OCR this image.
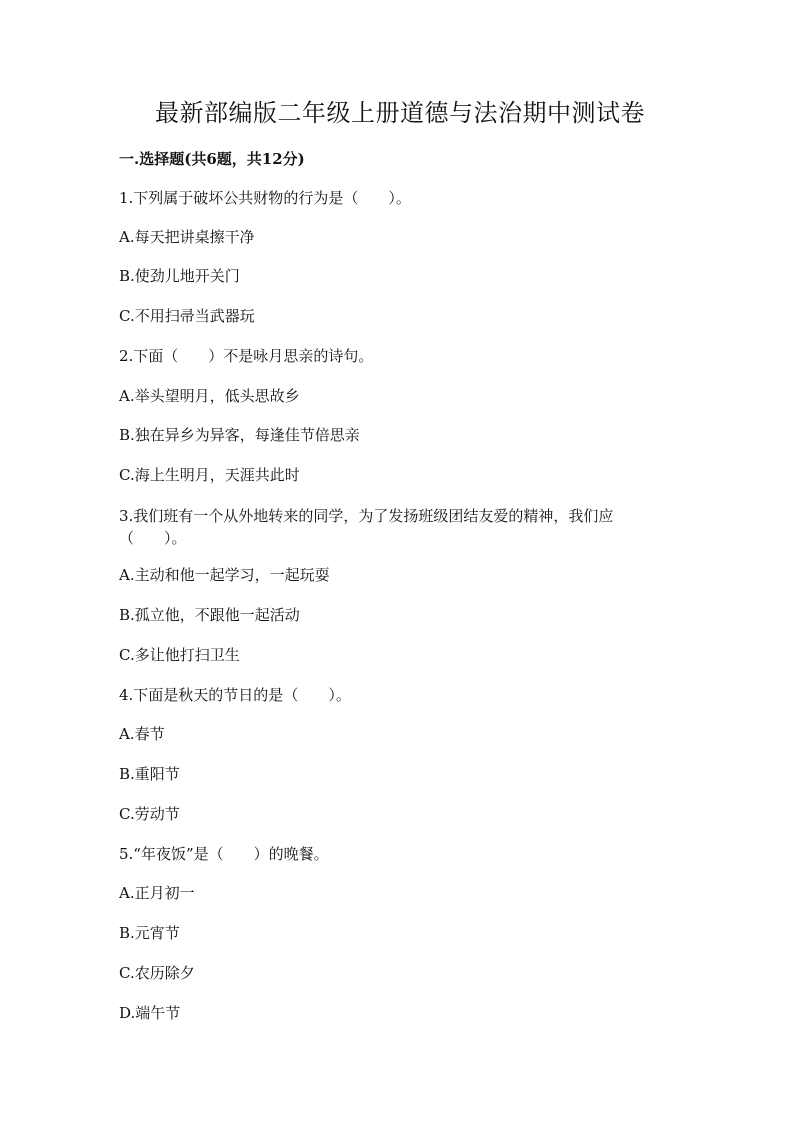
最新部编版二年级上册道德与法治期中测试卷
一.选择题(共6题，共12分)
1.下列属于破坏公共财物的行为是（　　）。
A.每天把讲桌擦干净
B.使劲儿地开关门
C.不用扫帚当武器玩
2.下面（　　）不是咏月思亲的诗句。
A.举头望明月，低头思故乡
B.独在异乡为异客，每逢佳节倍思亲
C.海上生明月，天涯共此时
3.我们班有一个从外地转来的同学，为了发扬班级团结友爱的精神，我们应（　　）。
A.主动和他一起学习，一起玩耍
B.孤立他，不跟他一起活动
C.多让他打扫卫生
4.下面是秋天的节日的是（　　）。
A.春节
B.重阳节
C.劳动节
5.“年夜饭”是（　　）的晚餐。
A.正月初一
B.元宵节
C.农历除夕
D.端午节
